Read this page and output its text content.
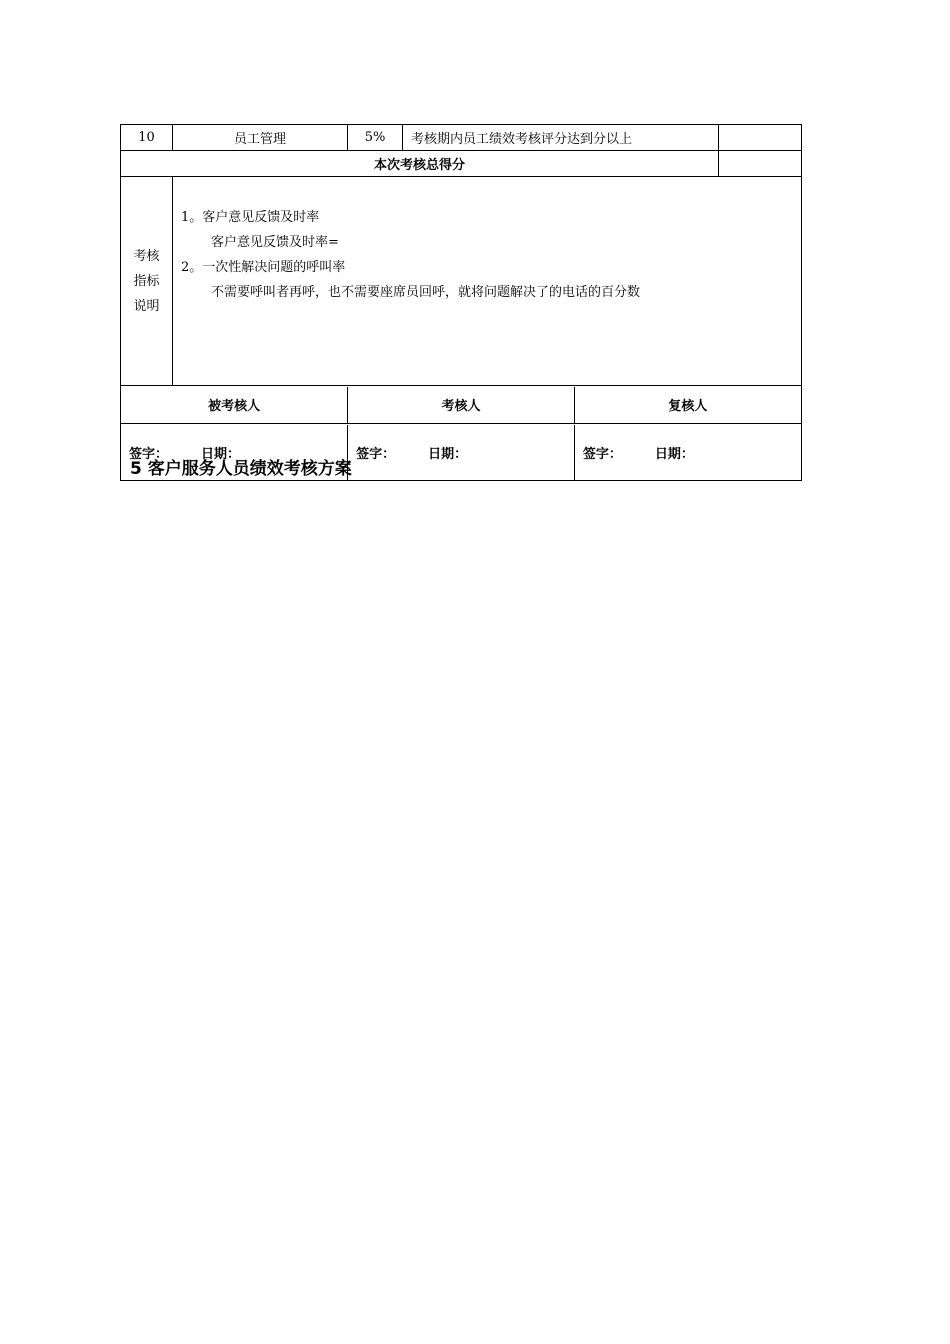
10	员工管理	5%	考核期内员工绩效考核评分达到分以上	
本次考核总得分	

考核
指标
说明

1。客户意见反馈及时率
客户意见反馈及时率=
2。一次性解决问题的呼叫率
不需要呼叫者再呼，也不需要座席员回呼，就将问题解决了的电话的百分数

被考核人	考核人	复核人

签字：	日期：	签字：	日期：	签字：	日期：
5 客户服务人员绩效考核方案
